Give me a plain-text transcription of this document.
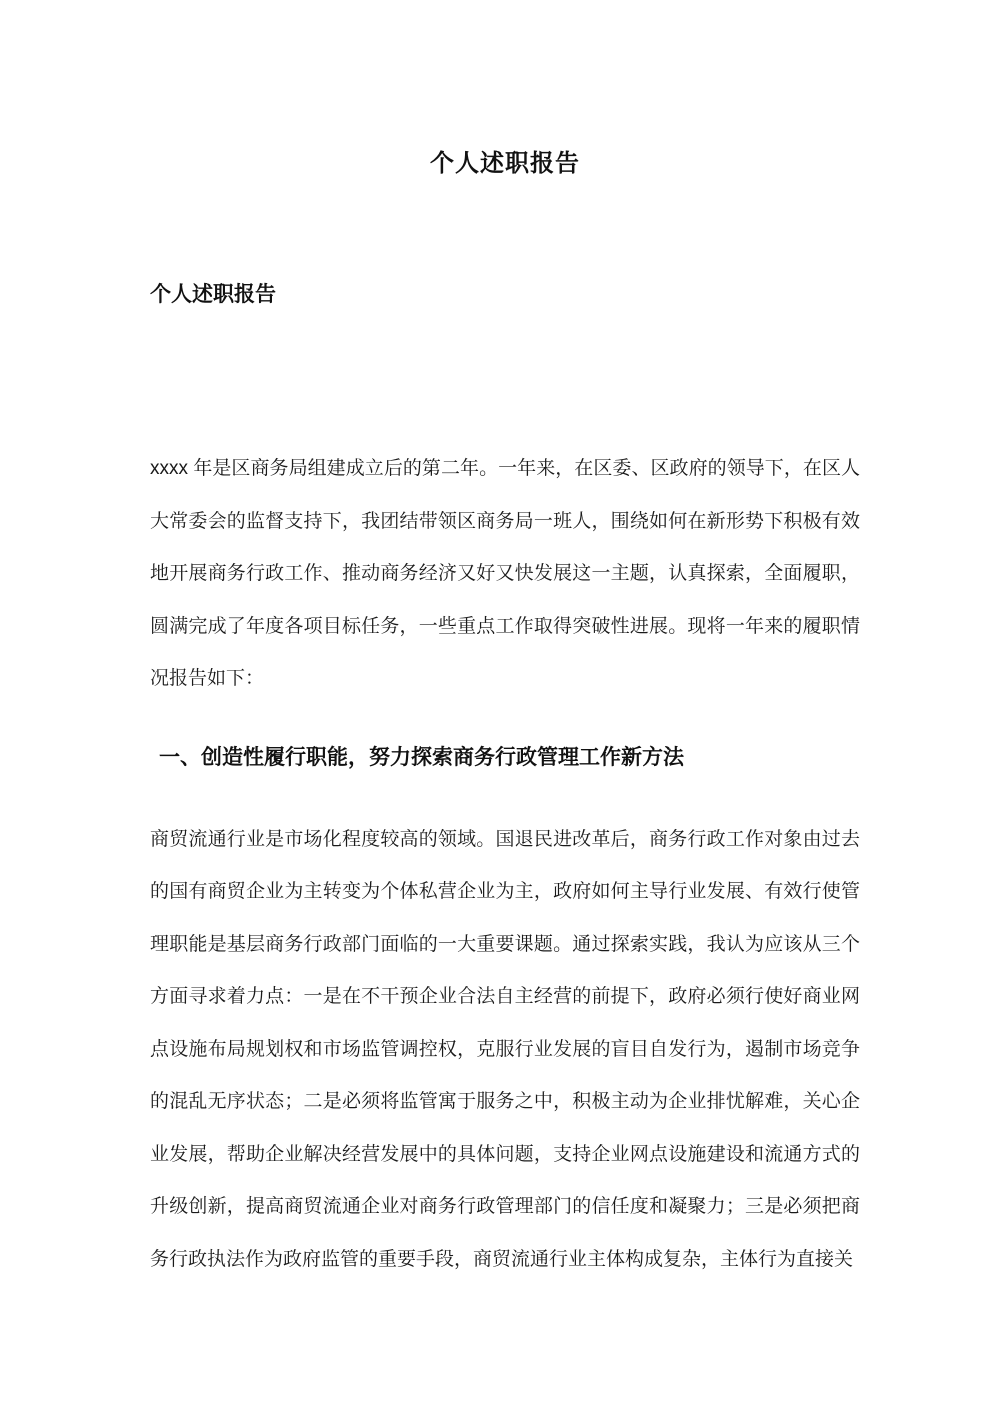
个人述职报告
个人述职报告

xxxx 年是区商务局组建成立后的第二年。一年来，在区委、区政府的领导下，在区人大常委会的监督支持下，我团结带领区商务局一班人，围绕如何在新形势下积极有效地开展商务行政工作、推动商务经济又好又快发展这一主题，认真探索，全面履职，圆满完成了年度各项目标任务，一些重点工作取得突破性进展。现将一年来的履职情况报告如下：

一、创造性履行职能，努力探索商务行政管理工作新方法

商贸流通行业是市场化程度较高的领域。国退民进改革后，商务行政工作对象由过去的国有商贸企业为主转变为个体私营企业为主，政府如何主导行业发展、有效行使管理职能是基层商务行政部门面临的一大重要课题。通过探索实践，我认为应该从三个方面寻求着力点：一是在不干预企业合法自主经营的前提下，政府必须行使好商业网点设施布局规划权和市场监管调控权，克服行业发展的盲目自发行为，遏制市场竞争的混乱无序状态；二是必须将监管寓于服务之中，积极主动为企业排忧解难，关心企业发展，帮助企业解决经营发展中的具体问题，支持企业网点设施建设和流通方式的升级创新，提高商贸流通企业对商务行政管理部门的信任度和凝聚力；三是必须把商务行政执法作为政府监管的重要手段，商贸流通行业主体构成复杂，主体行为直接关
